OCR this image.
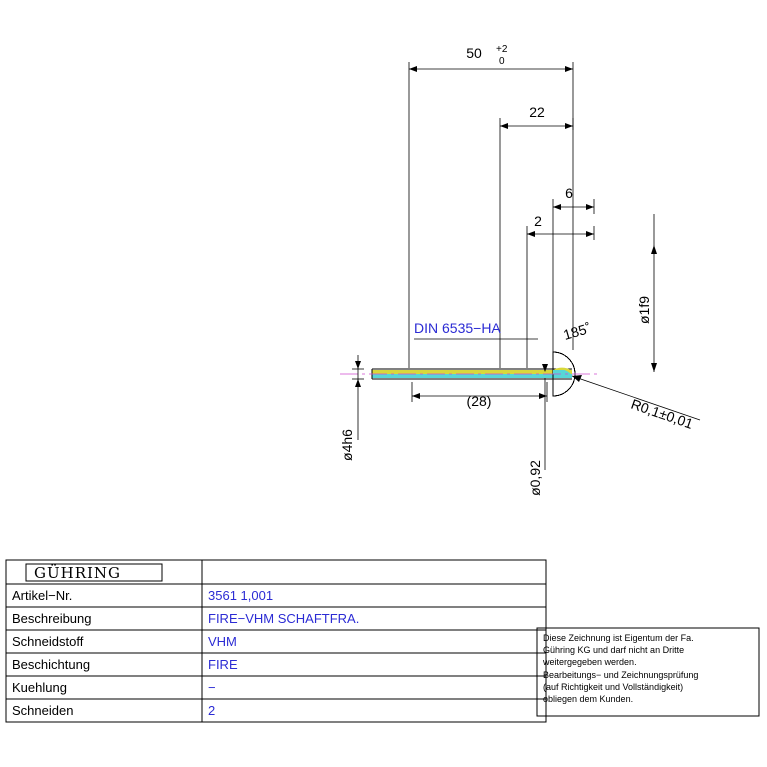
50 +2
0
22
6
2
ø1f9
ø4h6
ø0,92
(28)
DIN 6535−HA	185˚
R0,1±0,01
GÜHRING
Artikel−Nr.	3561 1,001
Beschreibung	FIRE−VHM SCHAFTFRA.
Schneidstoff	VHM
Beschichtung	FIRE
Kuehlung	−
Schneiden	2
Diese Zeichnung ist Eigentum der Fa.
Gühring KG und darf nicht an Dritte
weitergegeben werden.
Bearbeitungs− und Zeichnungsprüfung
(auf Richtigkeit und Vollständigkeit)
obliegen dem Kunden.
